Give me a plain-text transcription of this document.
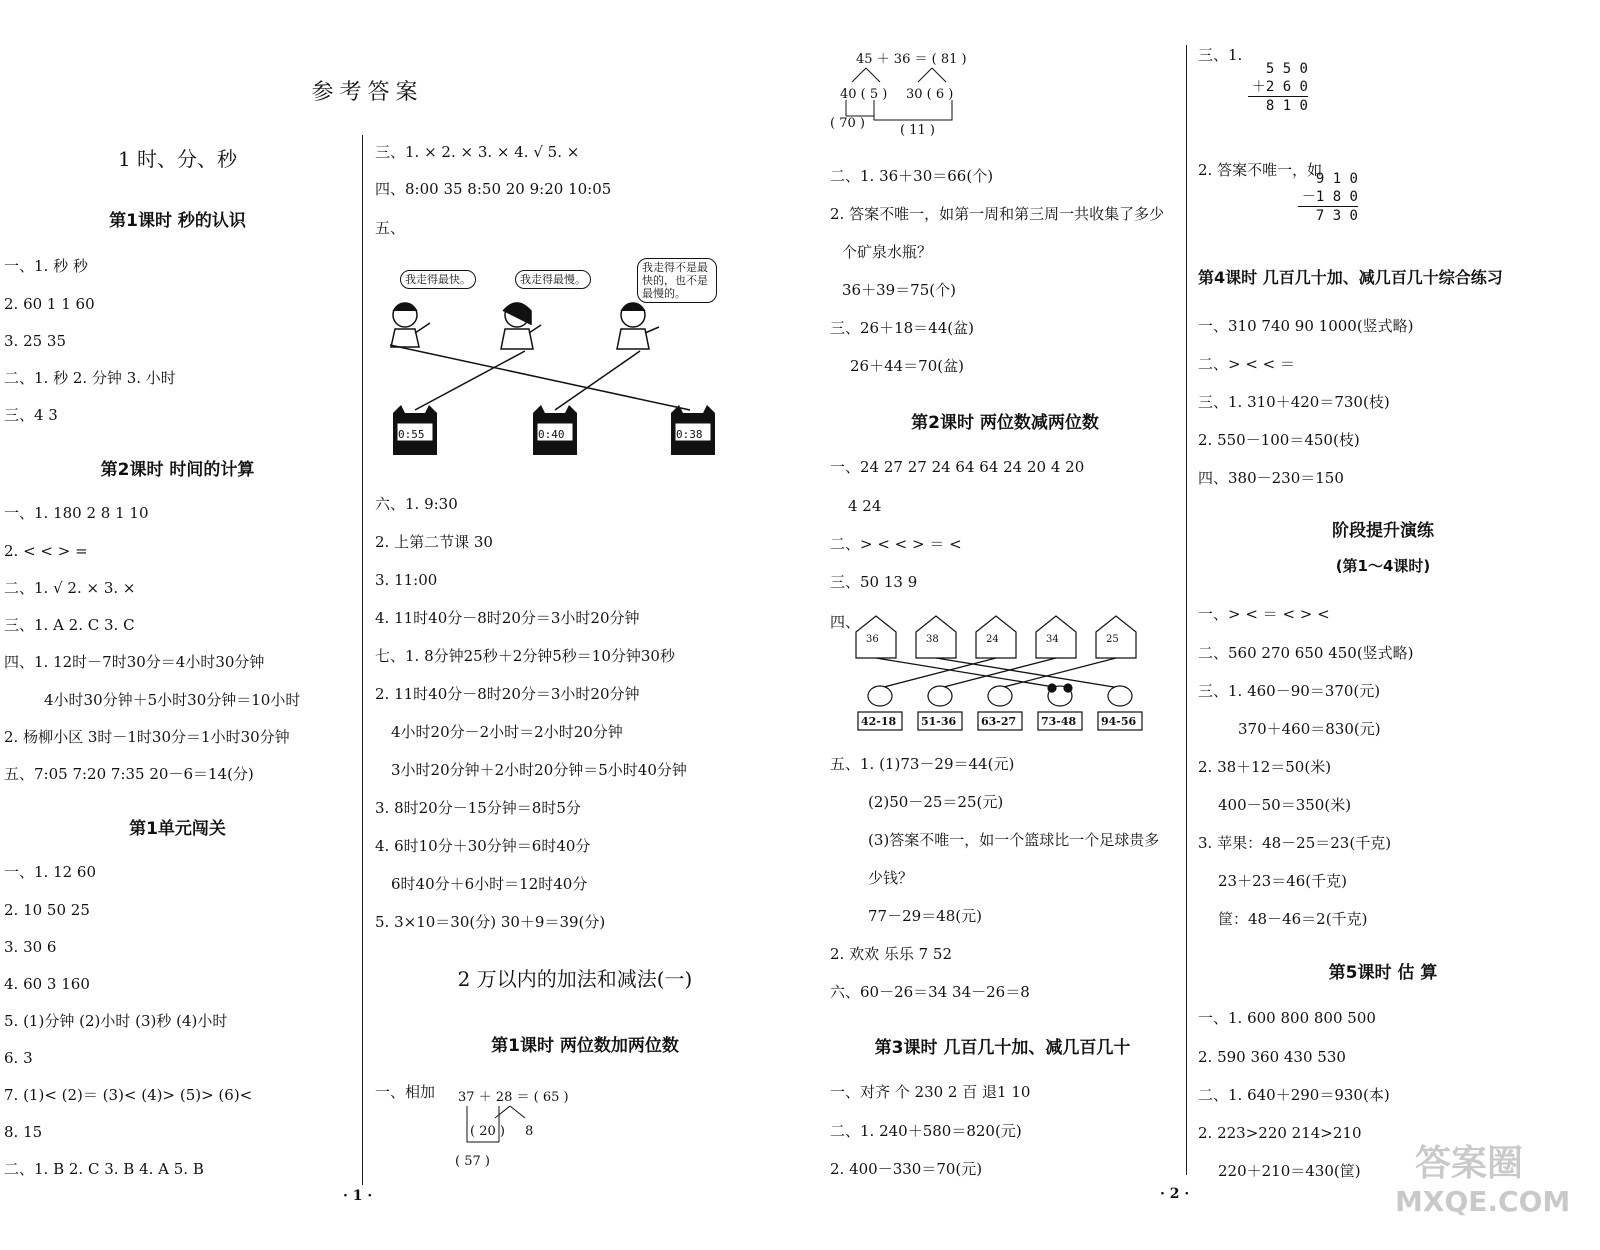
参考答案
1 时、分、秒
第1课时 秒的认识
一、1. 秒 秒
2. 60 1 1 60
3. 25 35
二、1. 秒 2. 分钟 3. 小时
三、4 3
第2课时 时间的计算
一、1. 180 2 8 1 10
2. < < > =
二、1. √ 2. × 3. ×
三、1. A 2. C 3. C
四、1. 12时－7时30分＝4小时30分钟
4小时30分钟＋5小时30分钟＝10小时
2. 杨柳小区 3时－1时30分＝1小时30分钟
五、7:05 7:20 7:35 20－6＝14(分)
第1单元闯关
一、1. 12 60
2. 10 50 25
3. 30 6
4. 60 3 160
5. (1)分钟 (2)小时 (3)秒 (4)小时
6. 3
7. (1)< (2)＝ (3)< (4)> (5)> (6)<
8. 15
二、1. B 2. C 3. B 4. A 5. B
三、1. × 2. × 3. × 4. √ 5. ×
四、8:00 35 8:50 20 9:20 10:05
五、
我走得最快。	我走得最慢。
我走得不是最快的，也不是最慢的。
0:55	0:40	0:38
六、1. 9:30
2. 上第二节课 30
3. 11:00
4. 11时40分－8时20分＝3小时20分钟
七、1. 8分钟25秒＋2分钟5秒＝10分钟30秒
2. 11时40分－8时20分＝3小时20分钟
4小时20分－2小时＝2小时20分钟
3小时20分钟＋2小时20分钟＝5小时40分钟
3. 8时20分－15分钟＝8时5分
4. 6时10分＋30分钟＝6时40分
6时40分＋6小时＝12时40分
5. 3×10＝30(分) 30＋9＝39(分)
2 万以内的加法和减法(一)
第1课时 两位数加两位数
一、相加 37 ＋ 28 ＝ ( 65 )
( 20 ) 8
( 57 )
· 1 ·
45 ＋ 36 ＝ ( 81 )
40 ( 5 ) 30 ( 6 )
( 70 )	( 11 )
二、1. 36＋30＝66(个)
2. 答案不唯一，如第一周和第三周一共收集了多少
个矿泉水瓶？
36＋39＝75(个)
三、26＋18＝44(盆)
26＋44＝70(盆)
第2课时 两位数减两位数
一、24 27 27 24 64 64 24 20 4 20
4 24
二、> < < > ＝ <
三、50 13 9
四、
36	38	24	34	25
42-18 51-36 63-27 73-48 94-56
五、1. (1)73－29＝44(元)
(2)50－25＝25(元)
(3)答案不唯一，如一个篮球比一个足球贵多
少钱？
77－29＝48(元)
2. 欢欢 乐乐 7 52
六、60－26＝34 34－26＝8
第3课时 几百几十加、减几百几十
一、对齐 个 230 2 百 退1 10
二、1. 240＋580＝820(元)
2. 400－330＝70(元)
· 2 ·
三、1.
5 5 0
＋2 6 0
8 1 0
2. 答案不唯一，如
9 1 0
－1 8 0
7 3 0
第4课时 几百几十加、减几百几十综合练习
一、310 740 90 1000(竖式略)
二、> < < ＝
三、1. 310＋420＝730(枝)
2. 550－100＝450(枝)
四、380－230＝150
阶段提升演练
(第1～4课时)
一、> < ＝ < > <
二、560 270 650 450(竖式略)
三、1. 460－90＝370(元)
370＋460＝830(元)
2. 38＋12＝50(米)
400－50＝350(米)
3. 苹果：48－25＝23(千克)
23＋23＝46(千克)
筐：48－46＝2(千克)
第5课时 估 算
一、1. 600 800 800 500
2. 590 360 430 530
二、1. 640＋290＝930(本)
2. 223>220 214>210
220＋210＝430(筐) 答案圈
MXQE.COM
